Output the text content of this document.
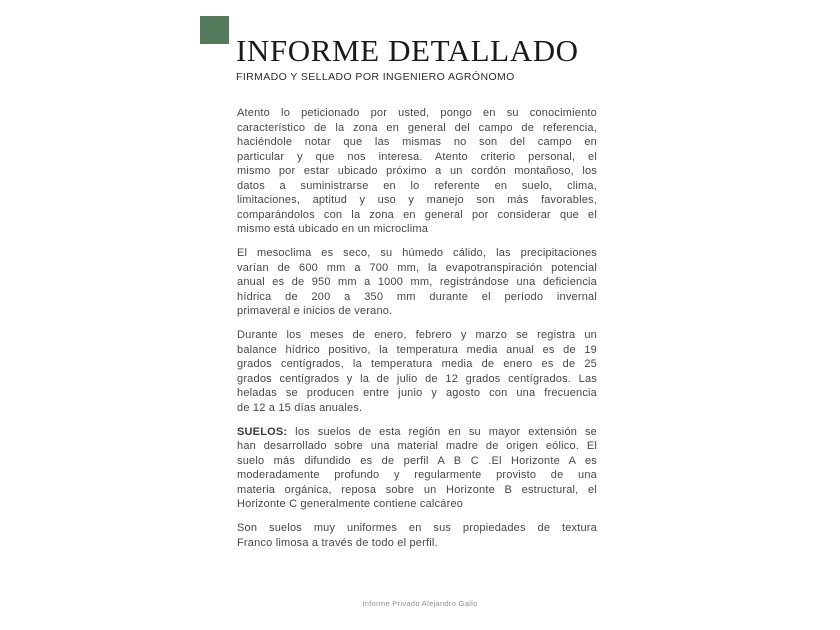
INFORME DETALLADO
FIRMADO Y SELLADO POR INGENIERO AGRÓNOMO
Atento lo peticionado por usted, pongo en su conocimiento
característico de la zona en general del campo de referencia,
haciéndole notar que las mismas no son del campo en
particular y que nos interesa. Atento criterio personal, el
mismo por estar ubicado próximo a un cordón montañoso, los
datos a suministrarse en lo referente en suelo, clima,
limitaciones, aptitud y uso y manejo son más favorables,
comparándolos con la zona en general por considerar que el
mismo está ubicado en un microclima
El mesoclima es seco, su húmedo cálido, las precipitaciones
varían de 600 mm a 700 mm, la evapotranspiración potencial
anual es de 950 mm a 1000 mm, registrándose una deficiencia
hídrica de 200 a 350 mm durante el período invernal
primaveral e inicios de verano.
Durante los meses de enero, febrero y marzo se registra un
balance hídrico positivo, la temperatura media anual es de 19
grados centígrados, la temperatura media de enero es de 25
grados centígrados y la de julio de 12 grados centígrados. Las
heladas se producen entre junio y agosto con una frecuencia
de 12 a 15 días anuales.
SUELOS: los suelos de esta región en su mayor extensión se
han desarrollado sobre una material madre de origen eólico. El
suelo más difundido es de perfil A B C .El Horizonte A es
moderadamente profundo y regularmente provisto de una
materia orgánica, reposa sobre un Horizonte B estructural, el
Horizonte C generalmente contiene calcáreo
Son suelos muy uniformes en sus propiedades de textura
Franco limosa a través de todo el perfil.
Informe Privado Alejandro Gallo
